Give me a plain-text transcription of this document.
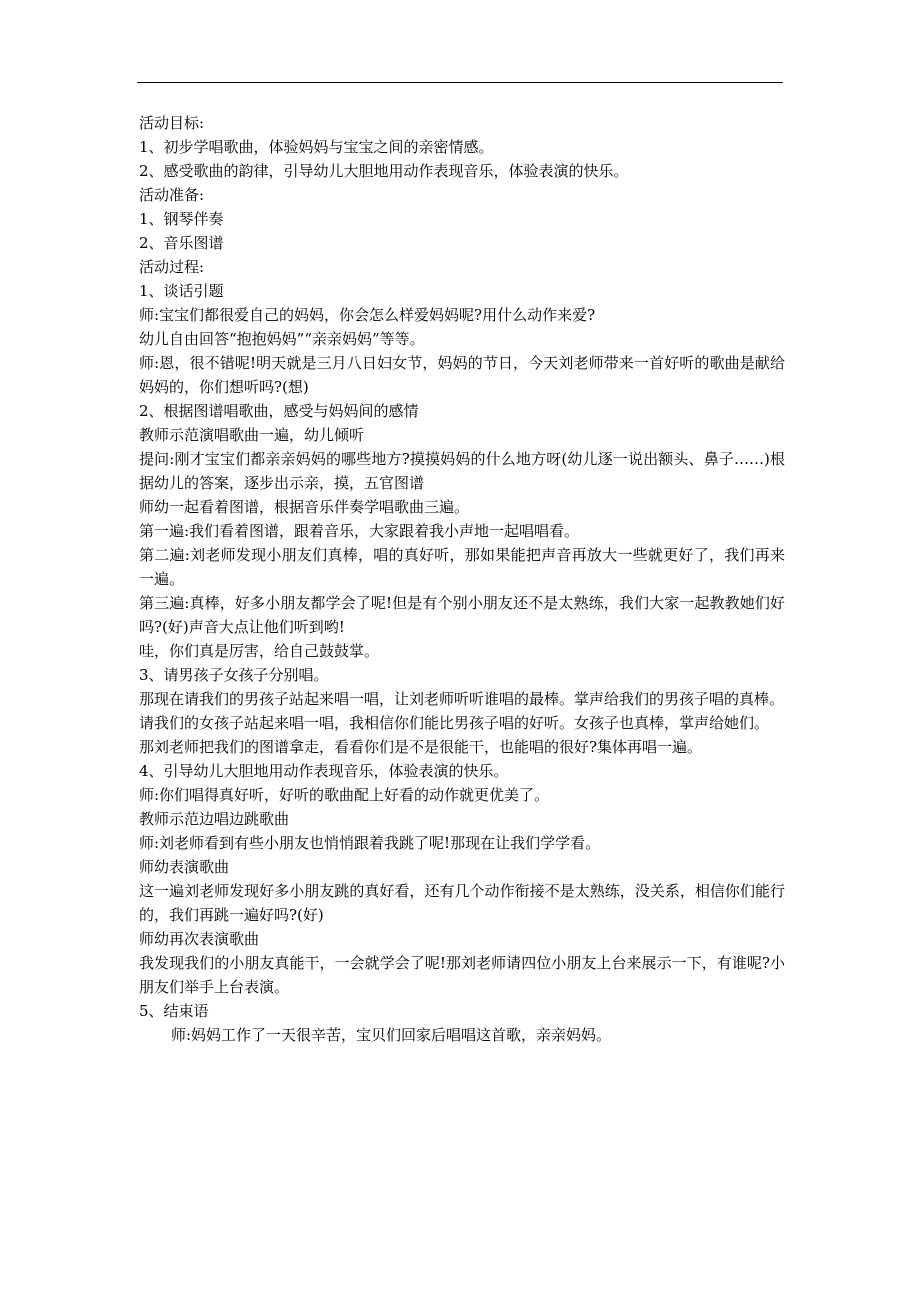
活动目标:
1、初步学唱歌曲，体验妈妈与宝宝之间的亲密情感。
2、感受歌曲的韵律，引导幼儿大胆地用动作表现音乐，体验表演的快乐。
活动准备:
1、钢琴伴奏
2、音乐图谱
活动过程:
1、谈话引题
师:宝宝们都很爱自己的妈妈，你会怎么样爱妈妈呢?用什么动作来爱?
幼儿自由回答“抱抱妈妈”“亲亲妈妈”等等。
师:恩，很不错呢!明天就是三月八日妇女节，妈妈的节日，今天刘老师带来一首好听的歌曲是献给妈妈的，你们想听吗?(想)
2、根据图谱唱歌曲，感受与妈妈间的感情
教师示范演唱歌曲一遍，幼儿倾听
提问:刚才宝宝们都亲亲妈妈的哪些地方?摸摸妈妈的什么地方呀(幼儿逐一说出额头、鼻子……)根据幼儿的答案，逐步出示亲，摸，五官图谱
师幼一起看着图谱，根据音乐伴奏学唱歌曲三遍。
第一遍:我们看着图谱，跟着音乐，大家跟着我小声地一起唱唱看。
第二遍:刘老师发现小朋友们真棒，唱的真好听，那如果能把声音再放大一些就更好了，我们再来一遍。
第三遍:真棒，好多小朋友都学会了呢!但是有个别小朋友还不是太熟练，我们大家一起教教她们好吗?(好)声音大点让他们听到哟!
哇，你们真是厉害，给自己鼓鼓掌。
3、请男孩子女孩子分别唱。
那现在请我们的男孩子站起来唱一唱，让刘老师听听谁唱的最棒。掌声给我们的男孩子唱的真棒。
请我们的女孩子站起来唱一唱，我相信你们能比男孩子唱的好听。女孩子也真棒，掌声给她们。
那刘老师把我们的图谱拿走，看看你们是不是很能干，也能唱的很好?集体再唱一遍。
4、引导幼儿大胆地用动作表现音乐，体验表演的快乐。
师:你们唱得真好听，好听的歌曲配上好看的动作就更优美了。
教师示范边唱边跳歌曲
师:刘老师看到有些小朋友也悄悄跟着我跳了呢!那现在让我们学学看。
师幼表演歌曲
这一遍刘老师发现好多小朋友跳的真好看，还有几个动作衔接不是太熟练，没关系，相信你们能行的，我们再跳一遍好吗?(好)
师幼再次表演歌曲
我发现我们的小朋友真能干，一会就学会了呢!那刘老师请四位小朋友上台来展示一下，有谁呢?小朋友们举手上台表演。
5、结束语
师:妈妈工作了一天很辛苦，宝贝们回家后唱唱这首歌，亲亲妈妈。
